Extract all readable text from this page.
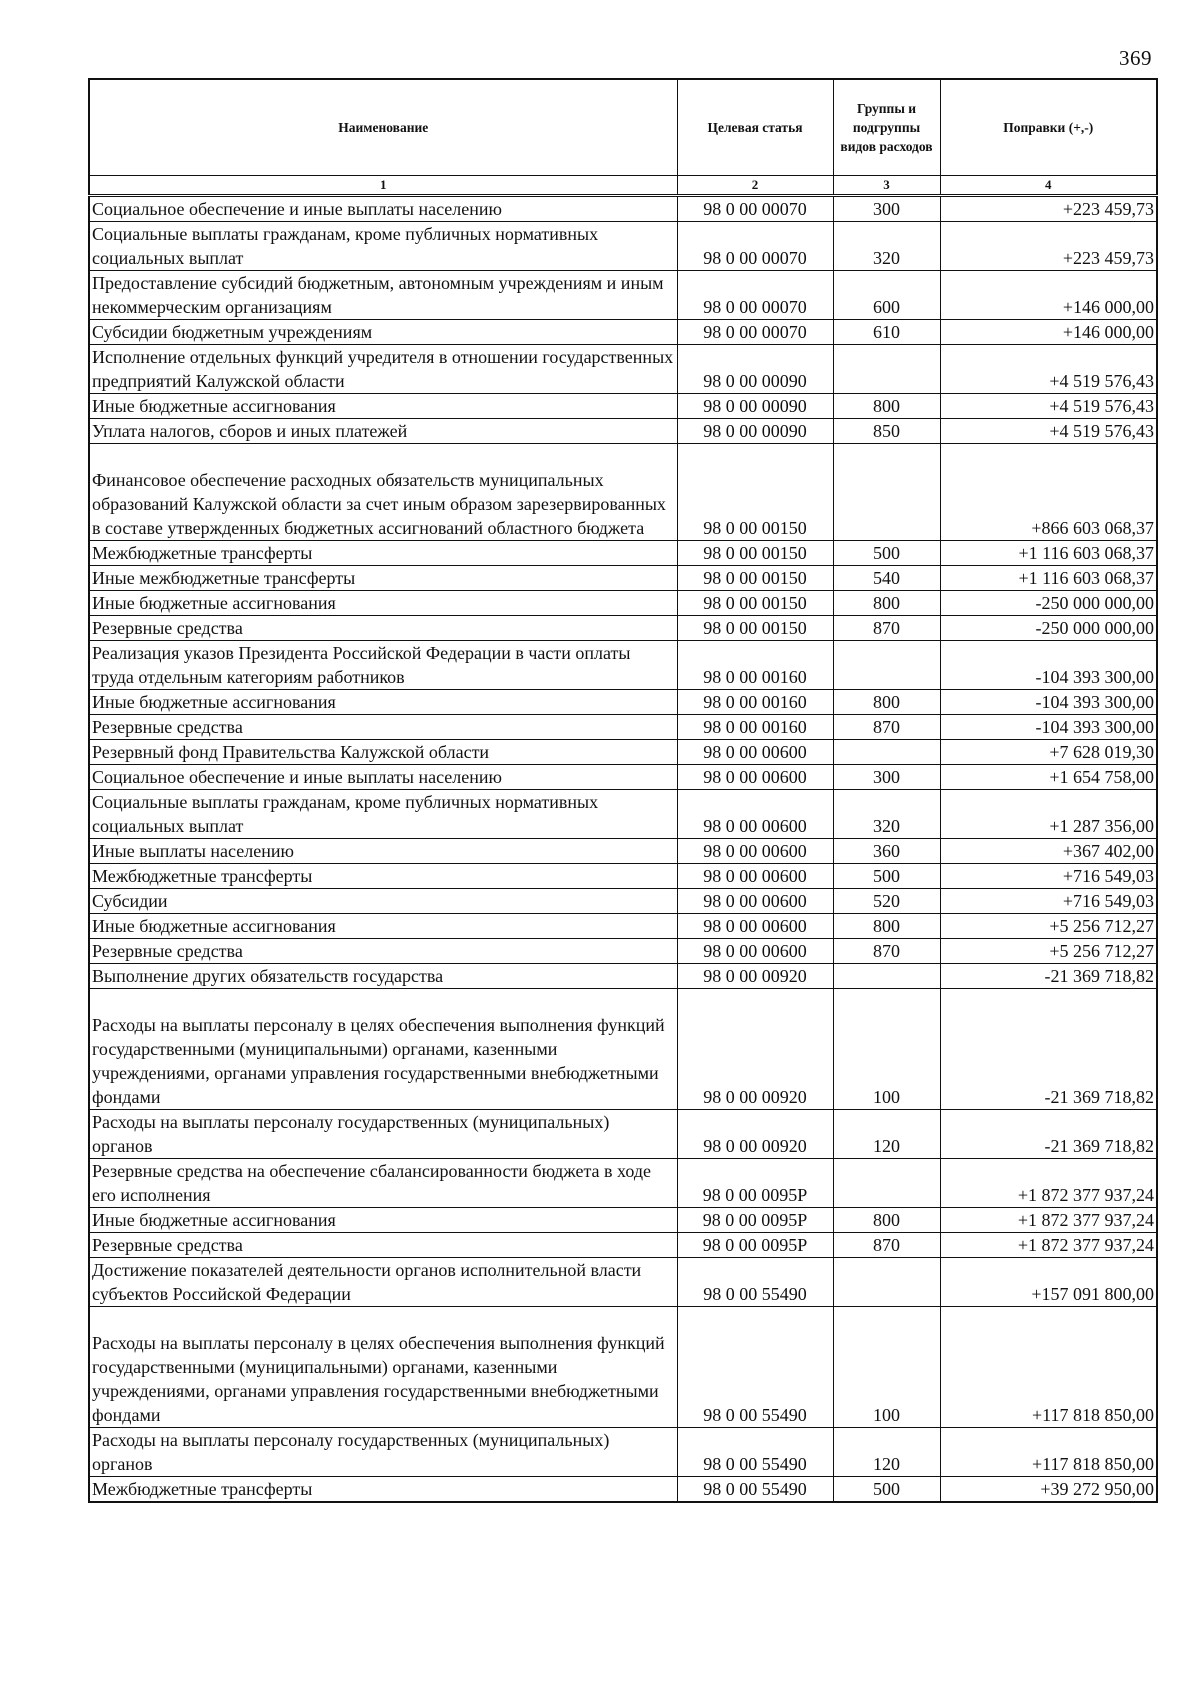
369
Наименование	Целевая статья	Группы и подгруппы видов расходов	Поправки (+,-)
1	2	3	4
Социальное обеспечение и иные выплаты населению	98 0 00 00070	300	+223 459,73
Социальные выплаты гражданам, кроме публичных нормативных социальных выплат	98 0 00 00070	320	+223 459,73
Предоставление субсидий бюджетным, автономным учреждениям и иным некоммерческим организациям	98 0 00 00070	600	+146 000,00
Субсидии бюджетным учреждениям	98 0 00 00070	610	+146 000,00
Исполнение отдельных функций учредителя в отношении государственных предприятий Калужской области	98 0 00 00090		+4 519 576,43
Иные бюджетные ассигнования	98 0 00 00090	800	+4 519 576,43
Уплата налогов, сборов и иных платежей	98 0 00 00090	850	+4 519 576,43
Финансовое обеспечение расходных обязательств муниципальных образований Калужской области за счет иным образом зарезервированных в составе утвержденных бюджетных ассигнований областного бюджета	98 0 00 00150		+866 603 068,37
Межбюджетные трансферты	98 0 00 00150	500	+1 116 603 068,37
Иные межбюджетные трансферты	98 0 00 00150	540	+1 116 603 068,37
Иные бюджетные ассигнования	98 0 00 00150	800	-250 000 000,00
Резервные средства	98 0 00 00150	870	-250 000 000,00
Реализация указов Президента Российской Федерации в части оплаты труда отдельным категориям работников	98 0 00 00160		-104 393 300,00
Иные бюджетные ассигнования	98 0 00 00160	800	-104 393 300,00
Резервные средства	98 0 00 00160	870	-104 393 300,00
Резервный фонд Правительства Калужской области	98 0 00 00600		+7 628 019,30
Социальное обеспечение и иные выплаты населению	98 0 00 00600	300	+1 654 758,00
Социальные выплаты гражданам, кроме публичных нормативных социальных выплат	98 0 00 00600	320	+1 287 356,00
Иные выплаты населению	98 0 00 00600	360	+367 402,00
Межбюджетные трансферты	98 0 00 00600	500	+716 549,03
Субсидии	98 0 00 00600	520	+716 549,03
Иные бюджетные ассигнования	98 0 00 00600	800	+5 256 712,27
Резервные средства	98 0 00 00600	870	+5 256 712,27
Выполнение других обязательств государства	98 0 00 00920		-21 369 718,82
Расходы на выплаты персоналу в целях обеспечения выполнения функций государственными (муниципальными) органами, казенными учреждениями, органами управления государственными внебюджетными фондами	98 0 00 00920	100	-21 369 718,82
Расходы на выплаты персоналу государственных (муниципальных) органов	98 0 00 00920	120	-21 369 718,82
Резервные средства на обеспечение сбалансированности бюджета в ходе его исполнения	98 0 00 0095Р		+1 872 377 937,24
Иные бюджетные ассигнования	98 0 00 0095Р	800	+1 872 377 937,24
Резервные средства	98 0 00 0095Р	870	+1 872 377 937,24
Достижение показателей деятельности органов исполнительной власти субъектов Российской Федерации	98 0 00 55490		+157 091 800,00
Расходы на выплаты персоналу в целях обеспечения выполнения функций государственными (муниципальными) органами, казенными учреждениями, органами управления государственными внебюджетными фондами	98 0 00 55490	100	+117 818 850,00
Расходы на выплаты персоналу государственных (муниципальных) органов	98 0 00 55490	120	+117 818 850,00
Межбюджетные трансферты	98 0 00 55490	500	+39 272 950,00
